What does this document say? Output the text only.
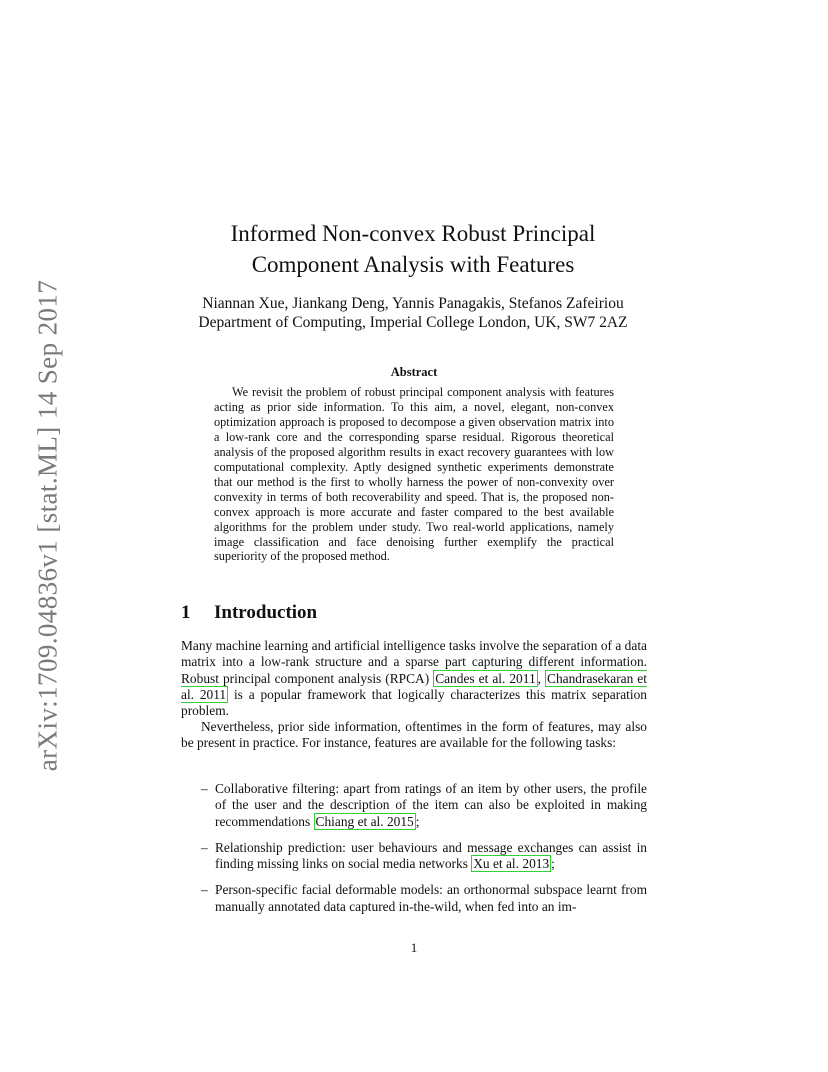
arXiv:1709.04836v1 [stat.ML] 14 Sep 2017
Informed Non-convex Robust Principal
Component Analysis with Features
Niannan Xue, Jiankang Deng, Yannis Panagakis, Stefanos Zafeiriou
Department of Computing, Imperial College London, UK, SW7 2AZ
Abstract
We revisit the problem of robust principal component analysis with features acting as prior side information. To this aim, a novel, elegant, non-convex optimization approach is proposed to decompose a given observation matrix into a low-rank core and the corresponding sparse residual. Rigorous theoretical analysis of the proposed algorithm results in exact recovery guarantees with low computational complexity. Aptly designed synthetic experiments demonstrate that our method is the first to wholly harness the power of non-convexity over convexity in terms of both recoverability and speed. That is, the proposed non-convex approach is more accurate and faster compared to the best available algorithms for the problem under study. Two real-world applications, namely image classification and face denoising further exemplify the practical superiority of the proposed method.
1 Introduction
Many machine learning and artificial intelligence tasks involve the separation of a data matrix into a low-rank structure and a sparse part capturing different information. Robust principal component analysis (RPCA) Candes et al. 2011 , Chandrasekaran et al. 2011 is a popular framework that logically characterizes this matrix separation problem.
Nevertheless, prior side information, oftentimes in the form of features, may also be present in practice. For instance, features are available for the following tasks:
– Collaborative filtering: apart from ratings of an item by other users, the profile of the user and the description of the item can also be exploited in making recommendations Chiang et al. 2015 ;
– Relationship prediction: user behaviours and message exchanges can assist in finding missing links on social media networks Xu et al. 2013 ;
– Person-specific facial deformable models: an orthonormal subspace learnt from manually annotated data captured in-the-wild, when fed into an im-
1
